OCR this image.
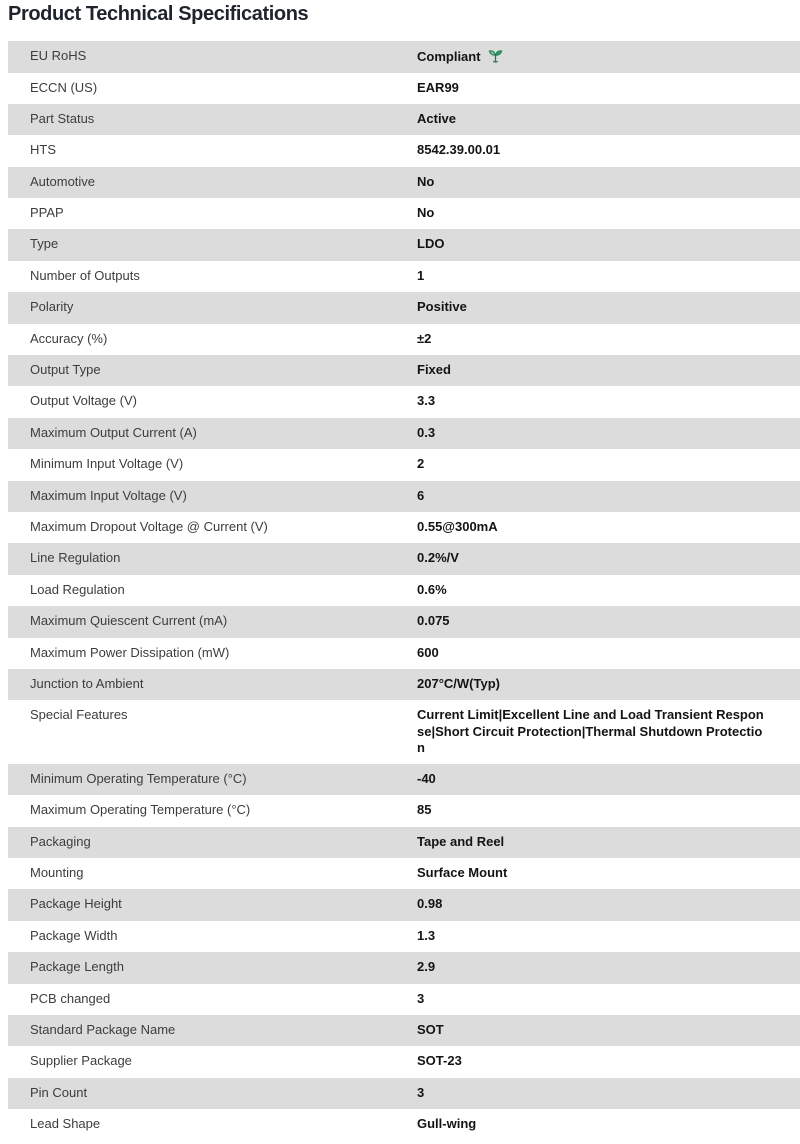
Product Technical Specifications
EU RoHS	Compliant
ECCN (US)	EAR99
Part Status	Active
HTS	8542.39.00.01
Automotive	No
PPAP	No
Type	LDO
Number of Outputs	1
Polarity	Positive
Accuracy (%)	±2
Output Type	Fixed
Output Voltage (V)	3.3
Maximum Output Current (A)	0.3
Minimum Input Voltage (V)	2
Maximum Input Voltage (V)	6
Maximum Dropout Voltage @ Current (V)	0.55@300mA
Line Regulation	0.2%/V
Load Regulation	0.6%
Maximum Quiescent Current (mA)	0.075
Maximum Power Dissipation (mW)	600
Junction to Ambient	207°C/W(Typ)
Special Features	Current Limit|Excellent Line and Load Transient Response|Short Circuit Protection|Thermal Shutdown Protection
Minimum Operating Temperature (°C)	-40
Maximum Operating Temperature (°C)	85
Packaging	Tape and Reel
Mounting	Surface Mount
Package Height	0.98
Package Width	1.3
Package Length	2.9
PCB changed	3
Standard Package Name	SOT
Supplier Package	SOT-23
Pin Count	3
Lead Shape	Gull-wing
